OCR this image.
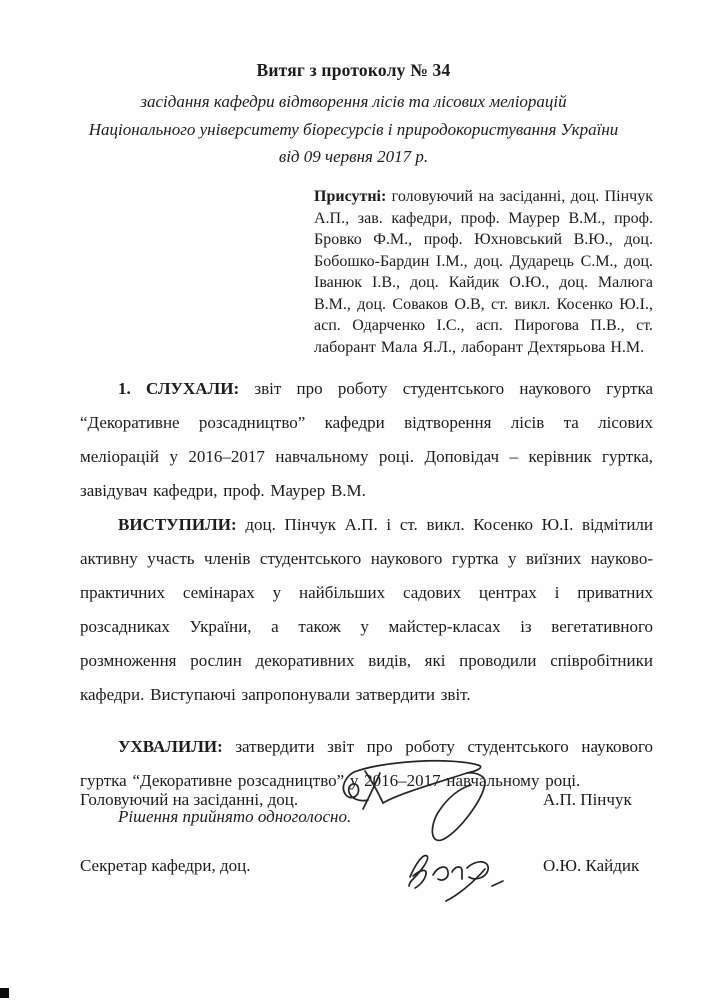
Витяг з протоколу № 34
засідання кафедри відтворення лісів та лісових меліорацій
Національного університету біоресурсів і природокористування України
від 09 червня 2017 р.
Присутні: головуючий на засіданні, доц. Пінчук А.П., зав. кафедри, проф. Маурер В.М., проф. Бровко Ф.М., проф. Юхновський В.Ю., доц. Бобошко-Бардин І.М., доц. Дударець С.М., доц. Іванюк І.В., доц. Кайдик О.Ю., доц. Малюга В.М., доц. Соваков О.В, ст. викл. Косенко Ю.І., асп. Одарченко І.С., асп. Пирогова П.В., ст. лаборант Мала Я.Л., лаборант Дехтярьова Н.М.
1. СЛУХАЛИ: звіт про роботу студентського наукового гуртка “Декоративне розсадництво” кафедри відтворення лісів та лісових меліорацій у 2016–2017 навчальному році. Доповідач – керівник гуртка, завідувач кафедри, проф. Маурер В.М.
ВИСТУПИЛИ: доц. Пінчук А.П. і ст. викл. Косенко Ю.І. відмітили активну участь членів студентського наукового гуртка у виїзних науково-практичних семінарах у найбільших садових центрах і приватних розсадниках України, а також у майстер-класах із вегетативного розмноження рослин декоративних видів, які проводили співробітники кафедри. Виступаючі запропонували затвердити звіт.
УХВАЛИЛИ: затвердити звіт про роботу студентського наукового гуртка “Декоративне розсадництво” у 2016–2017 навчальному році.
Рішення прийнято одноголосно.
Головуючий на засіданні, доц.	А.П. Пінчук
Секретар кафедри, доц.	О.Ю. Кайдик
